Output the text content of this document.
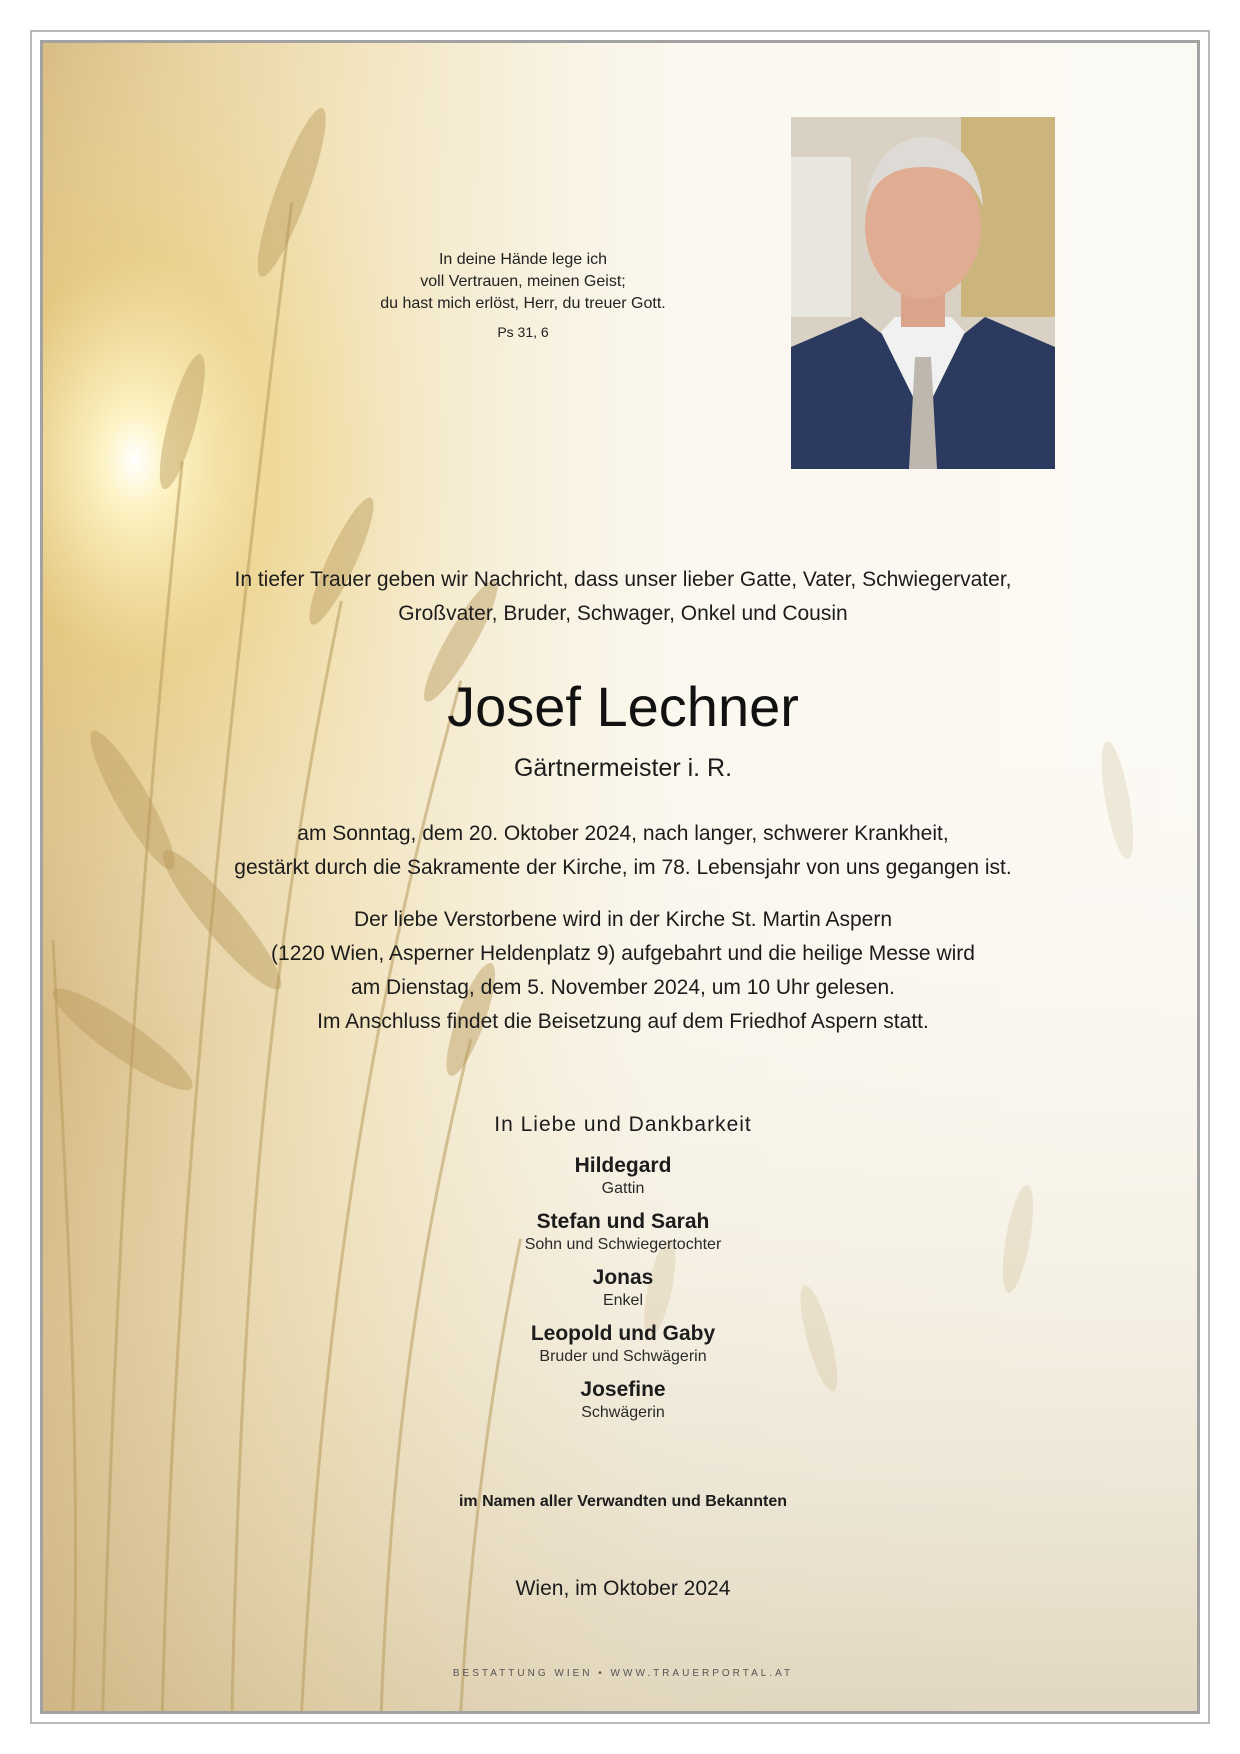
In deine Hände lege ich
voll Vertrauen, meinen Geist;
du hast mich erlöst, Herr, du treuer Gott.
Ps 31, 6
In tiefer Trauer geben wir Nachricht, dass unser lieber Gatte, Vater, Schwiegervater,
Großvater, Bruder, Schwager, Onkel und Cousin
Josef Lechner
Gärtnermeister i. R.

am Sonntag, dem 20. Oktober 2024, nach langer, schwerer Krankheit,

gestärkt durch die Sakramente der Kirche, im 78. Lebensjahr von uns gegangen ist.

Der liebe Verstorbene wird in der Kirche St. Martin Aspern

(1220 Wien, Asperner Heldenplatz 9) aufgebahrt und die heilige Messe wird

am Dienstag, dem 5. November 2024, um 10 Uhr gelesen.

Im Anschluss findet die Beisetzung auf dem Friedhof Aspern statt.

In Liebe und Dankbarkeit
Hildegard
Gattin
Stefan und Sarah
Sohn und Schwiegertochter
Jonas
Enkel
Leopold und Gaby
Bruder und Schwägerin
Josefine
Schwägerin
im Namen aller Verwandten und Bekannten
Wien, im Oktober 2024
BESTATTUNG WIEN • WWW.TRAUERPORTAL.AT
